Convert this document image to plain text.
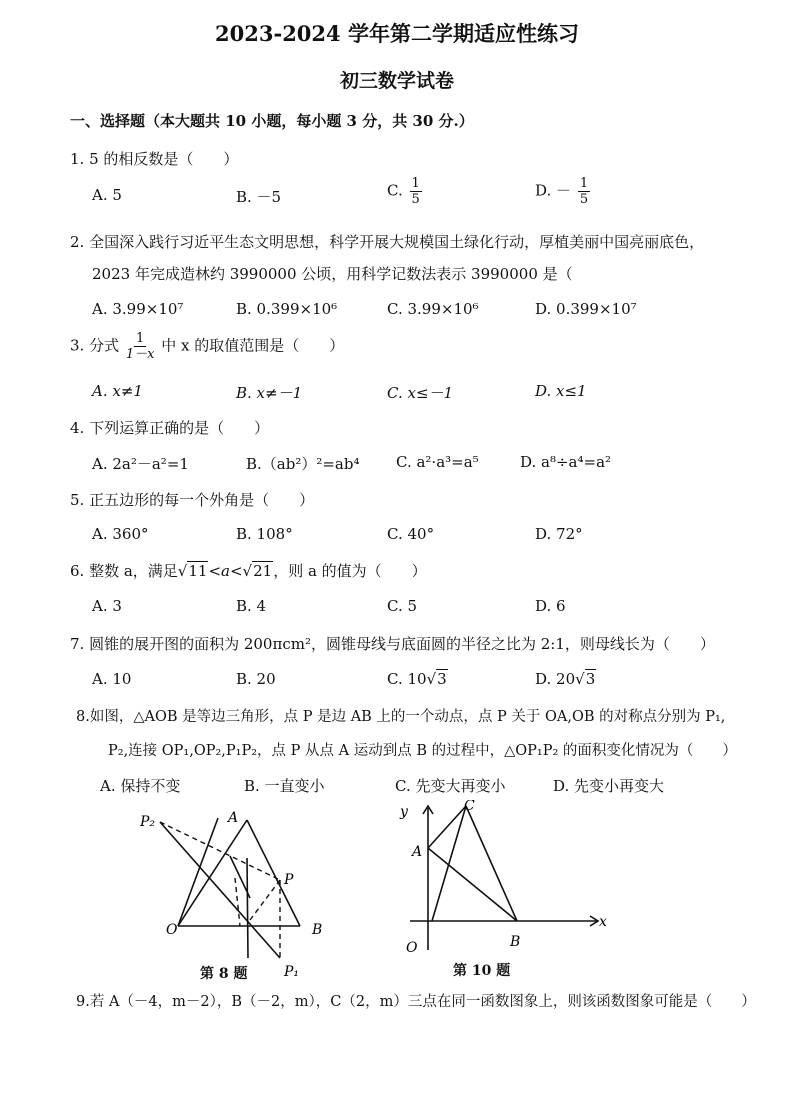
2023-2024 学年第二学期适应性练习
初三数学试卷
一、选择题（本大题共 10 小题，每小题 3 分，共 30 分.）
1. 5 的相反数是（　　）
A. 5	B. －5	C. $\frac{1}{5}$	D. － $\frac{1}{5}$
2. 全国深入践行习近平生态文明思想，科学开展大规模国土绿化行动，厚植美丽中国亮丽底色，
2023 年完成造林约 3990000 公顷，用科学记数法表示 3990000 是（
A. 3.99×10⁷	B. 0.399×10⁶	C. 3.99×10⁶	D. 0.399×10⁷
3. 分式 $\frac{1}{1-x}$ 中 x 的取值范围是（　　）
A. x≠1	B. x≠－1	C. x≤－1	D. x≤1
4. 下列运算正确的是（　　）
A. 2a²－a²=1	B.（ab²）²=ab⁴ C. a²·a³=a⁵	D. a⁸÷a⁴=a²
5. 正五边形的每一个外角是（　　）
A. 360°	B. 108°	C. 40°	D. 72°
6. 整数 a，满足√11<a<√21，则 a 的值为（　　）
A. 3	B. 4	C. 5	D. 6
7. 圆锥的展开图的面积为 200πcm²，圆锥母线与底面圆的半径之比为 2:1，则母线长为（　　）
A. 10	B. 20	C. 10√3	D. 20√3
8.如图，△AOB 是等边三角形，点 P 是边 AB 上的一个动点，点 P 关于 OA,OB 的对称点分别为 P₁,
P₂,连接 OP₁,OP₂,P₁P₂，点 P 从点 A 运动到点 B 的过程中，△OP₁P₂ 的面积变化情况为（　　）
A. 保持不变	B. 一直变小	C. 先变大再变小	D. 先变小再变大
P₂	A
P
O	B
P₁
第 8 题
y	C
A
x
O	B
第 10 题
9.若 A（－4，m－2），B（－2，m），C（2，m）三点在同一函数图象上，则该函数图象可能是（　　）
